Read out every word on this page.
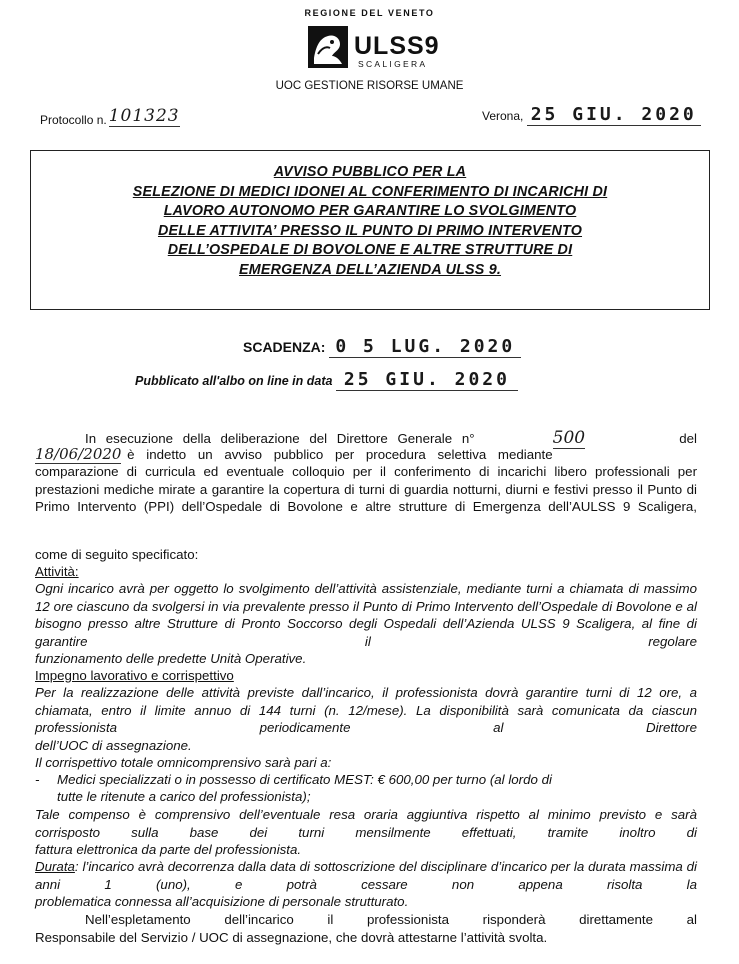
REGIONE DEL VENETO
ULSS9
SCALIGERA
UOC GESTIONE RISORSE UMANE
Protocollo n. 101323	Verona, 25 GIU. 2020
AVVISO PUBBLICO PER LA
SELEZIONE DI MEDICI IDONEI AL CONFERIMENTO DI INCARICHI DI
LAVORO AUTONOMO PER GARANTIRE LO SVOLGIMENTO
DELLE ATTIVITA’ PRESSO IL PUNTO DI PRIMO INTERVENTO
DELL’OSPEDALE DI BOVOLONE E ALTRE STRUTTURE DI
EMERGENZA DELL’AZIENDA ULSS 9.
SCADENZA: 0 5 LUG. 2020
Pubblicato all'albo on line in data 25 GIU. 2020
In esecuzione della deliberazione del Direttore Generale n°	500	del
18/06/2020 è indetto un avviso pubblico per procedura selettiva mediante
comparazione di curricula ed eventuale colloquio per il conferimento di incarichi libero professionali per prestazioni mediche mirate a garantire la copertura di turni di guardia notturni, diurni e festivi presso il Punto di Primo Intervento (PPI) dell’Ospedale di Bovolone e altre strutture di Emergenza dell’AULSS 9 Scaligera,
come di seguito specificato:
Attività:
Ogni incarico avrà per oggetto lo svolgimento dell’attività assistenziale, mediante turni a chiamata di massimo 12 ore ciascuno da svolgersi in via prevalente presso il Punto di Primo Intervento dell’Ospedale di Bovolone e al bisogno presso altre Strutture di Pronto Soccorso degli Ospedali dell’Azienda ULSS 9 Scaligera, al fine di garantire il regolare
funzionamento delle predette Unità Operative.
Impegno lavorativo e corrispettivo
Per la realizzazione delle attività previste dall’incarico, il professionista dovrà garantire turni di 12 ore, a chiamata, entro il limite annuo di 144 turni (n. 12/mese). La disponibilità sarà comunicata da ciascun professionista periodicamente al Direttore
dell’UOC di assegnazione.
Il corrispettivo totale omnicomprensivo sarà pari a:
- Medici specializzati o in possesso di certificato MEST: € 600,00 per turno (al lordo di
tutte le ritenute a carico del professionista);
Tale compenso è comprensivo dell’eventuale resa oraria aggiuntiva rispetto al minimo previsto e sarà corrisposto sulla base dei turni mensilmente effettuati, tramite inoltro di
fattura elettronica da parte del professionista.
Durata: l’incarico avrà decorrenza dalla data di sottoscrizione del disciplinare d’incarico per la durata massima di anni 1 (uno), e potrà cessare non appena risolta la
problematica connessa all’acquisizione di personale strutturato.
Nell’espletamento dell’incarico il professionista risponderà direttamente al
Responsabile del Servizio / UOC di assegnazione, che dovrà attestarne l’attività svolta.
